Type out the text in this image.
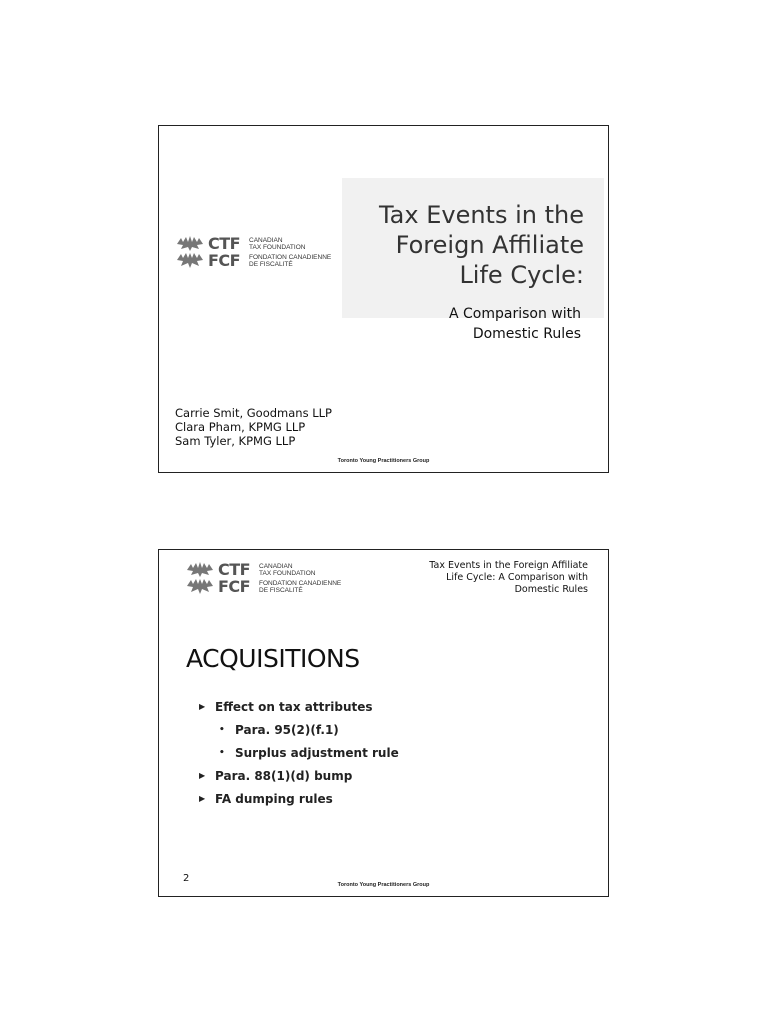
CTF	CANADIAN
TAX FOUNDATION
FCF	FONDATION CANADIENNE
DE FISCALITÉ
Tax Events in the
Foreign Affiliate
Life Cycle:
A Comparison with
Domestic Rules
Carrie Smit, Goodmans LLP
Clara Pham, KPMG LLP
Sam Tyler, KPMG LLP
Toronto Young Practitioners Group
CTF	CANADIAN
TAX FOUNDATION
FCF	FONDATION CANADIENNE
DE FISCALITÉ
Tax Events in the Foreign Affiliate
Life Cycle: A Comparison with
Domestic Rules
ACQUISITIONS
▶ Effect on tax attributes
• Para. 95(2)(f.1)
• Surplus adjustment rule
▶ Para. 88(1)(d) bump
▶ FA dumping rules
2
Toronto Young Practitioners Group
